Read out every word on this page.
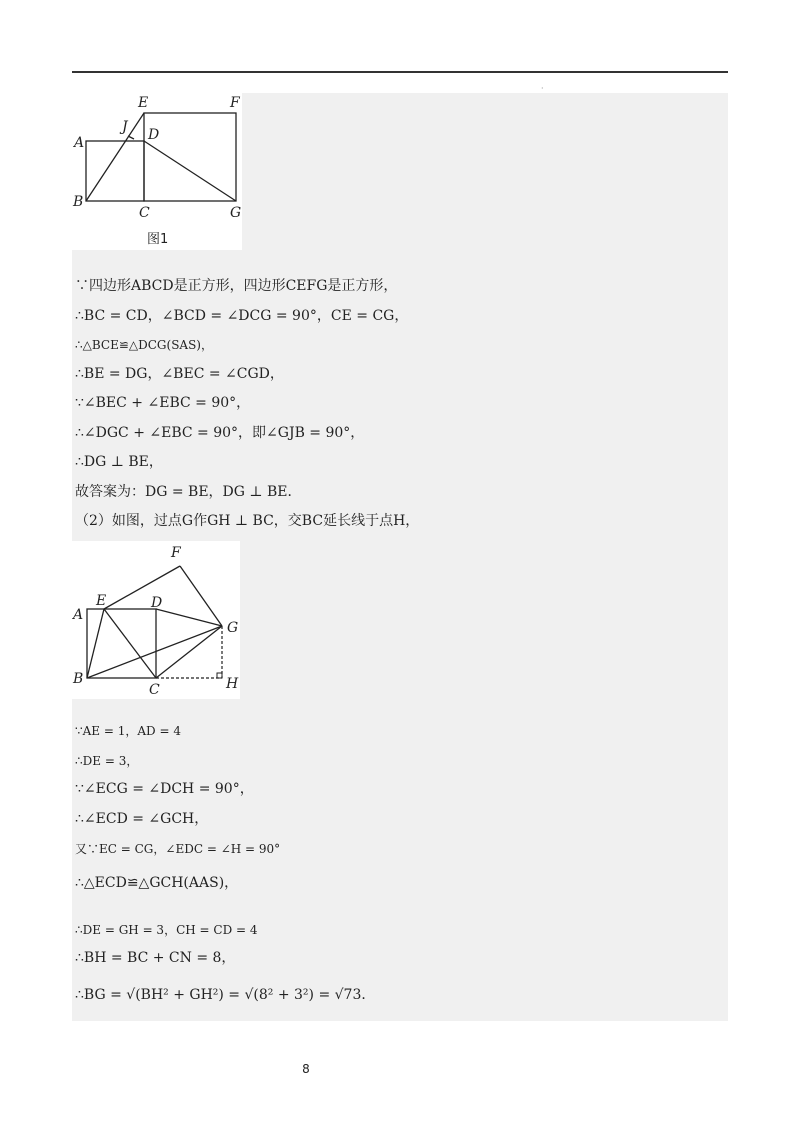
·
E	F
J D
A
B
C	G
图1
∵四边形ABCD是正方形，四边形CEFG是正方形，
∴BC = CD，∠BCD = ∠DCG = 90°，CE = CG，
∴△BCE≌△DCG(SAS)，
∴BE = DG，∠BEC = ∠CGD，
∵∠BEC + ∠EBC = 90°，
∴∠DGC + ∠EBC = 90°，即∠GJB = 90°，
∴DG ⊥ BE，
故答案为：DG = BE，DG ⊥ BE．
（2）如图，过点G作GH ⊥ BC，交BC延长线于点H，
F
A
E	D
G
B
C	H
∵AE = 1，AD = 4
∴DE = 3，
∵∠ECG = ∠DCH = 90°，
∴∠ECD = ∠GCH，
又∵EC = CG，∠EDC = ∠H = 90°
∴△ECD≌△GCH(AAS)，
∴DE = GH = 3，CH = CD = 4
∴BH = BC + CN = 8，
∴BG = √(BH² + GH²) = √(8² + 3²) = √73．
8
